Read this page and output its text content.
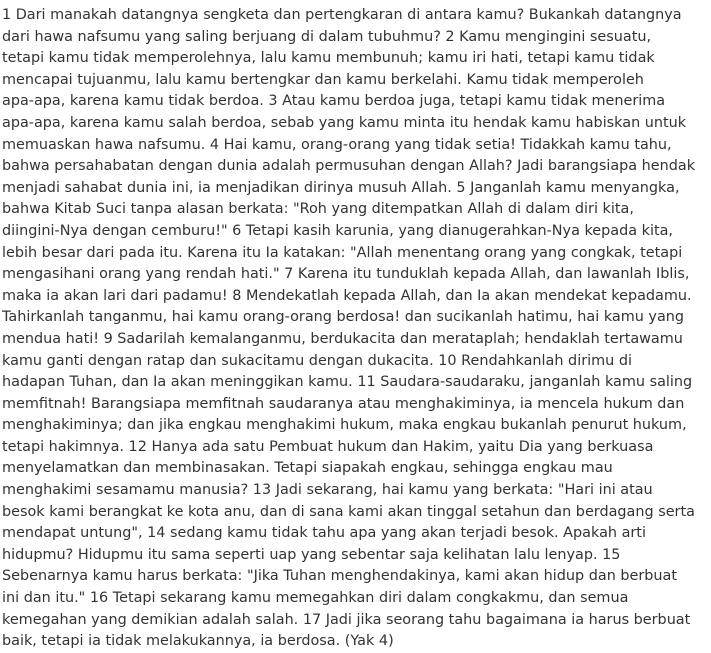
1 Dari manakah datangnya sengketa dan pertengkaran di antara kamu? Bukankah datangnya
dari hawa nafsumu yang saling berjuang di dalam tubuhmu? 2 Kamu mengingini sesuatu,
tetapi kamu tidak memperolehnya, lalu kamu membunuh; kamu iri hati, tetapi kamu tidak
mencapai tujuanmu, lalu kamu bertengkar dan kamu berkelahi. Kamu tidak memperoleh
apa-apa, karena kamu tidak berdoa. 3 Atau kamu berdoa juga, tetapi kamu tidak menerima
apa-apa, karena kamu salah berdoa, sebab yang kamu minta itu hendak kamu habiskan untuk
memuaskan hawa nafsumu. 4 Hai kamu, orang-orang yang tidak setia! Tidakkah kamu tahu,
bahwa persahabatan dengan dunia adalah permusuhan dengan Allah? Jadi barangsiapa hendak
menjadi sahabat dunia ini, ia menjadikan dirinya musuh Allah. 5 Janganlah kamu menyangka,
bahwa Kitab Suci tanpa alasan berkata: "Roh yang ditempatkan Allah di dalam diri kita,
diingini-Nya dengan cemburu!" 6 Tetapi kasih karunia, yang dianugerahkan-Nya kepada kita,
lebih besar dari pada itu. Karena itu Ia katakan: "Allah menentang orang yang congkak, tetapi
mengasihani orang yang rendah hati." 7 Karena itu tunduklah kepada Allah, dan lawanlah Iblis,
maka ia akan lari dari padamu! 8 Mendekatlah kepada Allah, dan Ia akan mendekat kepadamu.
Tahirkanlah tanganmu, hai kamu orang-orang berdosa! dan sucikanlah hatimu, hai kamu yang
mendua hati! 9 Sadarilah kemalanganmu, berdukacita dan merataplah; hendaklah tertawamu
kamu ganti dengan ratap dan sukacitamu dengan dukacita. 10 Rendahkanlah dirimu di
hadapan Tuhan, dan Ia akan meninggikan kamu. 11 Saudara-saudaraku, janganlah kamu saling
memfitnah! Barangsiapa memfitnah saudaranya atau menghakiminya, ia mencela hukum dan
menghakiminya; dan jika engkau menghakimi hukum, maka engkau bukanlah penurut hukum,
tetapi hakimnya. 12 Hanya ada satu Pembuat hukum dan Hakim, yaitu Dia yang berkuasa
menyelamatkan dan membinasakan. Tetapi siapakah engkau, sehingga engkau mau
menghakimi sesamamu manusia? 13 Jadi sekarang, hai kamu yang berkata: "Hari ini atau
besok kami berangkat ke kota anu, dan di sana kami akan tinggal setahun dan berdagang serta
mendapat untung", 14 sedang kamu tidak tahu apa yang akan terjadi besok. Apakah arti
hidupmu? Hidupmu itu sama seperti uap yang sebentar saja kelihatan lalu lenyap. 15
Sebenarnya kamu harus berkata: "Jika Tuhan menghendakinya, kami akan hidup dan berbuat
ini dan itu." 16 Tetapi sekarang kamu memegahkan diri dalam congkakmu, dan semua
kemegahan yang demikian adalah salah. 17 Jadi jika seorang tahu bagaimana ia harus berbuat
baik, tetapi ia tidak melakukannya, ia berdosa. (Yak 4)
